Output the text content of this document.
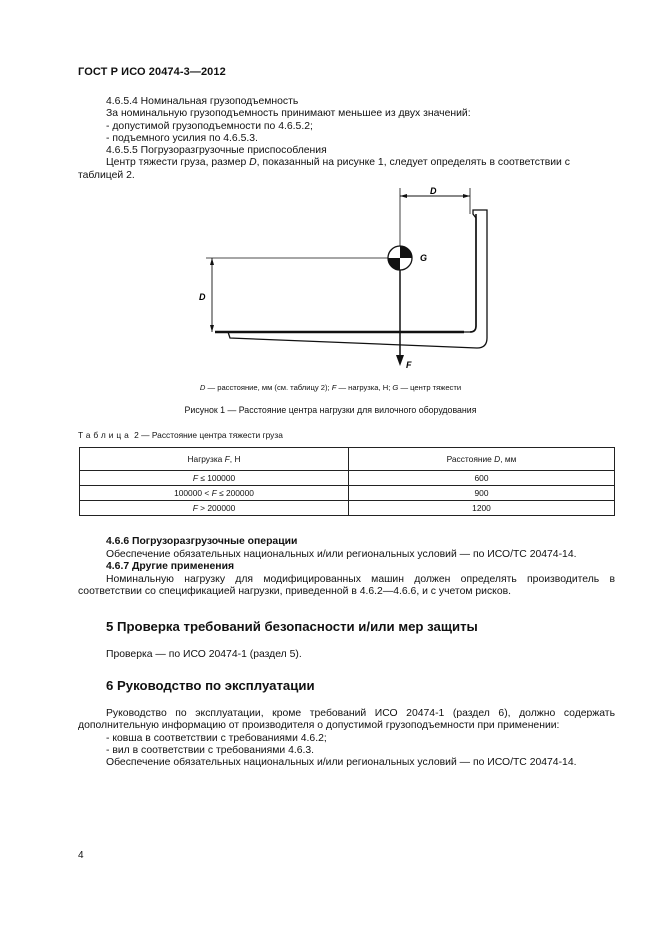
ГОСТ Р ИСО 20474-3—2012
4.6.5.4 Номинальная грузоподъемность
За номинальную грузоподъемность принимают меньшее из двух значений:
- допустимой грузоподъемности по 4.6.5.2;
- подъемного усилия по 4.6.5.3.
4.6.5.5 Погрузоразгрузочные приспособления
Центр тяжести груза, размер D, показанный на рисунке 1, следует определять в соответствии с
таблицей 2.
D
D
G
F
D — расстояние, мм (см. таблицу 2); F — нагрузка, Н; G — центр тяжести
Рисунок 1 — Расстояние центра нагрузки для вилочного оборудования
Таблица 2 — Расстояние центра тяжести груза
Нагрузка F, Н	Расстояние D, мм
F ≤ 100000	600
100000 < F ≤ 200000	900
F > 200000	1200
4.6.6 Погрузоразгрузочные операции
Обеспечение обязательных национальных и/или региональных условий — по ИСО/ТС 20474-14.
4.6.7 Другие применения
Номинальную нагрузку для модифицированных машин должен определять производитель в соответствии со спецификацией нагрузки, приведенной в 4.6.2—4.6.6, и с учетом рисков.
5 Проверка требований безопасности и/или мер защиты
Проверка — по ИСО 20474-1 (раздел 5).
6 Руководство по эксплуатации
Руководство по эксплуатации, кроме требований ИСО 20474-1 (раздел 6), должно содержать дополнительную информацию от производителя о допустимой грузоподъемности при применении:
- ковша в соответствии с требованиями 4.6.2;
- вил в соответствии с требованиями 4.6.3.
Обеспечение обязательных национальных и/или региональных условий — по ИСО/ТС 20474-14.
4
